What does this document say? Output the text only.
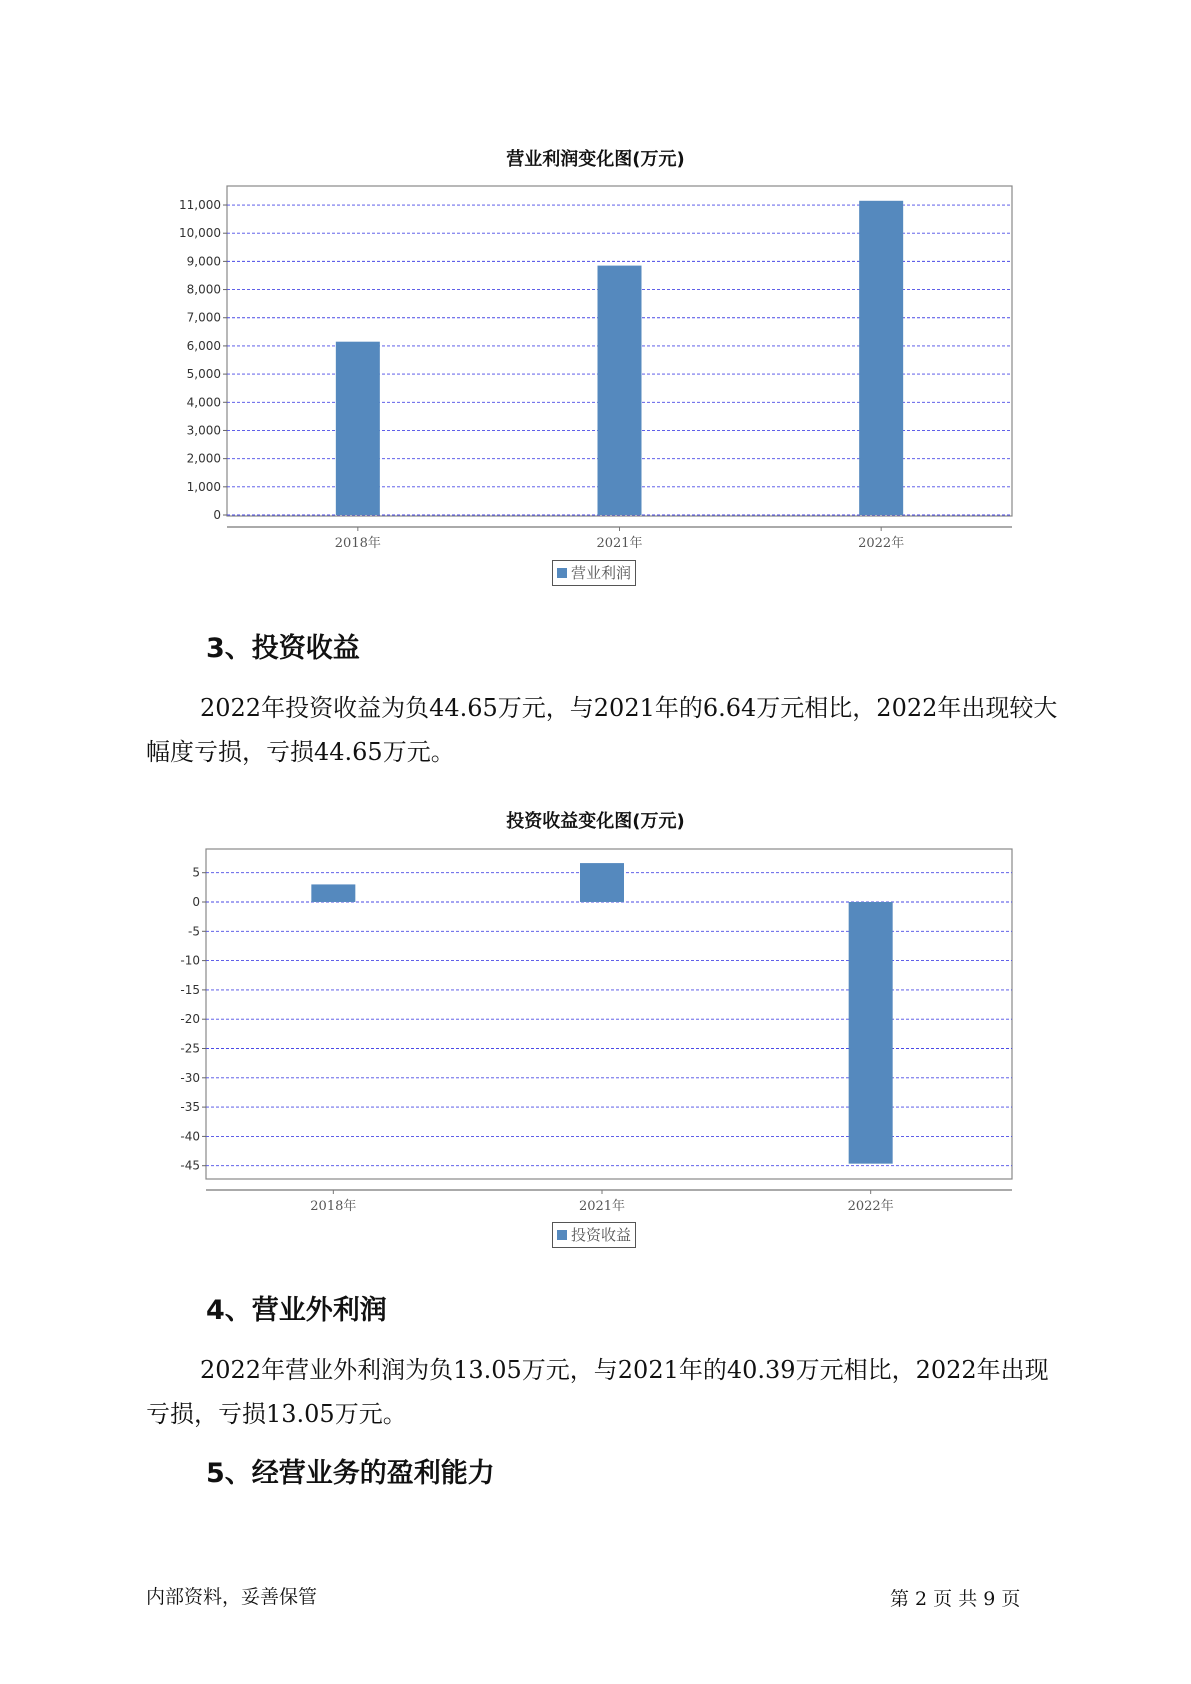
营业利润变化图(万元)
0
1,000
2,000
3,000
4,000
5,000
6,000
7,000
8,000
9,000
10,000
11,000
2018年	2021年	2022年
营业利润
3、投资收益

2022年投资收益为负44.65万元，与2021年的6.64万元相比，2022年出现较大幅度亏损，亏损44.65万元。

投资收益变化图(万元)
5
0
-5
-10
-15
-20
-25
-30
-35
-40
-45
2018年	2021年	2022年
投资收益
4、营业外利润

2022年营业外利润为负13.05万元，与2021年的40.39万元相比，2022年出现亏损，亏损13.05万元。

5、经营业务的盈利能力
内部资料，妥善保管	第 2 页 共 9 页
